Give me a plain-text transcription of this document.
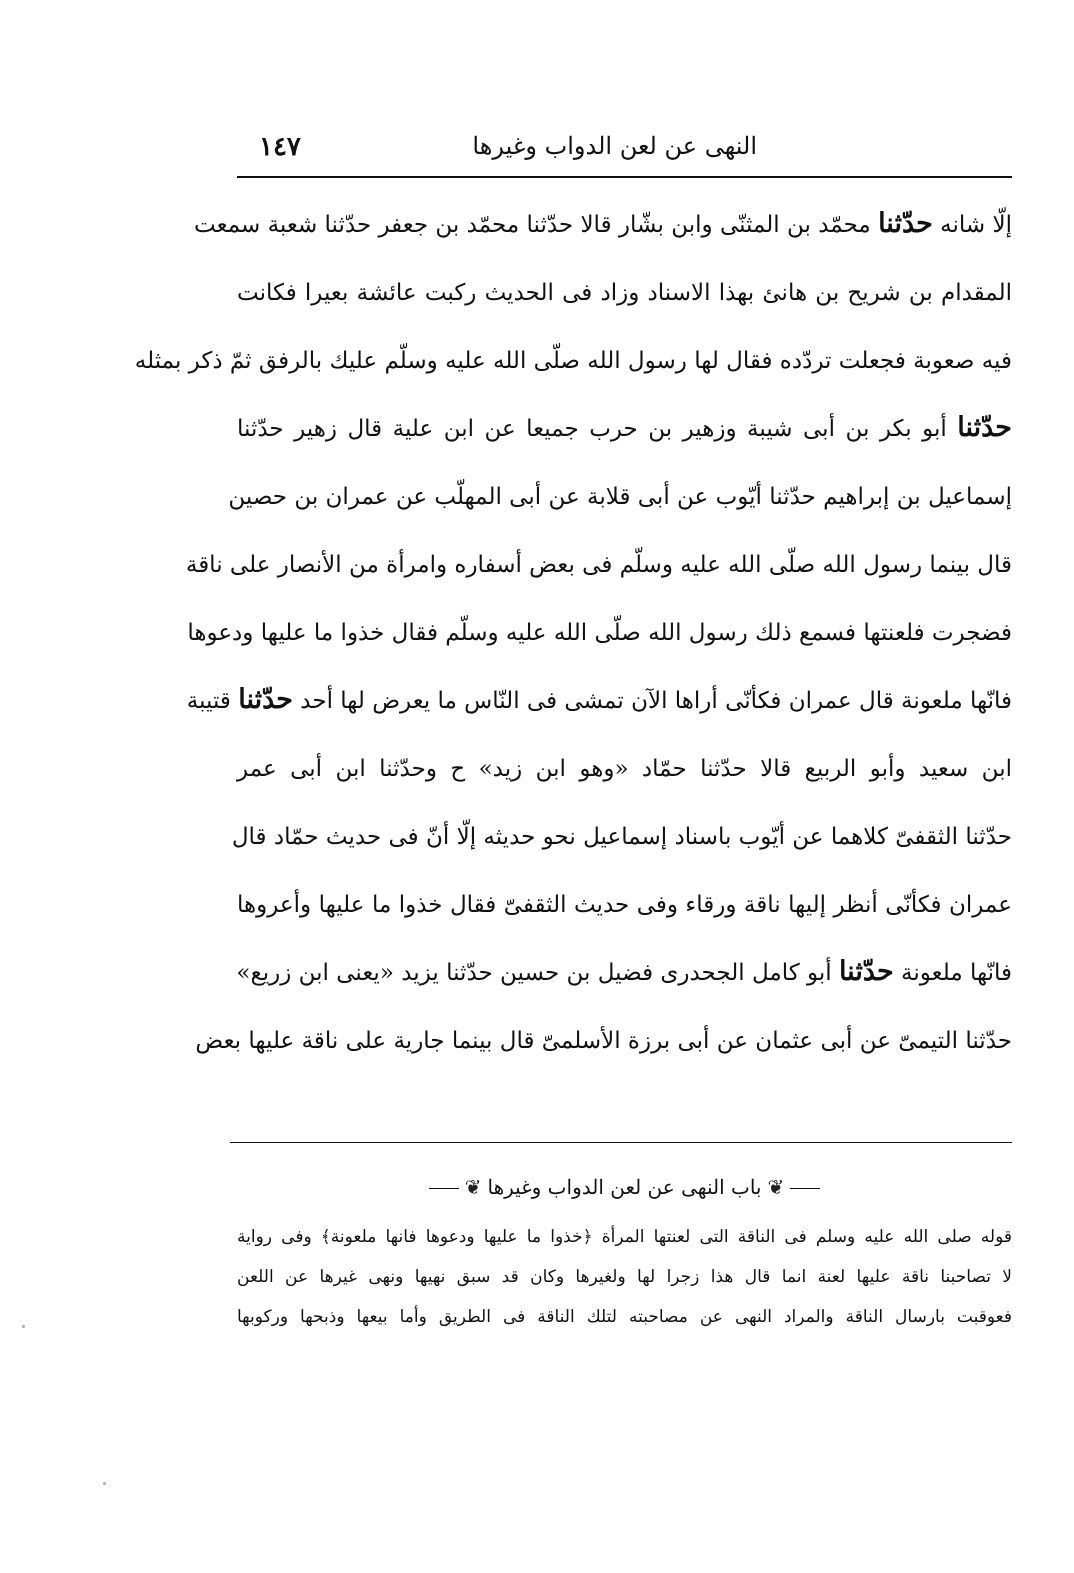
النهى عن لعن الدواب وغيرها
١٤٧
إلّا شانه حدّثنا محمّد بن المثنّى وابن بشّار قالا حدّثنا محمّد بن جعفر حدّثنا شعبة سمعت
المقدام بن شريح بن هانئ بهذا الاسناد وزاد فى الحديث ركبت عائشة بعيرا فكانت
فيه صعوبة فجعلت تردّده فقال لها رسول الله صلّى الله عليه وسلّم عليك بالرفق ثمّ ذكر بمثله
حدّثنا أبو بكر بن أبى شيبة وزهير بن حرب جميعا عن ابن علية قال زهير حدّثنا
إسماعيل بن إبراهيم حدّثنا أيّوب عن أبى قلابة عن أبى المهلّب عن عمران بن حصين
قال بينما رسول الله صلّى الله عليه وسلّم فى بعض أسفاره وامرأة من الأنصار على ناقة
فضجرت فلعنتها فسمع ذلك رسول الله صلّى الله عليه وسلّم فقال خذوا ما عليها ودعوها
فانّها ملعونة قال عمران فكأنّى أراها الآن تمشى فى النّاس ما يعرض لها أحد حدّثنا قتيبة
ابن سعيد وأبو الربيع قالا حدّثنا حمّاد «وهو ابن زيد» ح وحدّثنا ابن أبى عمر
حدّثنا الثقفىّ كلاهما عن أيّوب باسناد إسماعيل نحو حديثه إلّا أنّ فى حديث حمّاد قال
عمران فكأنّى أنظر إليها ناقة ورقاء وفى حديث الثقفىّ فقال خذوا ما عليها وأعروها
فانّها ملعونة حدّثنا أبو كامل الجحدرى فضيل بن حسين حدّثنا يزيد «يعنى ابن زريع»
حدّثنا التيمىّ عن أبى عثمان عن أبى برزة الأسلمىّ قال بينما جارية على ناقة عليها بعض
❦باب النهى عن لعن الدواب وغيرها❦
قوله صلى الله عليه وسلم فى الناقة التى لعنتها المرأة ﴿خذوا ما عليها ودعوها فانها ملعونة﴾ وفى رواية
لا تصاحبنا ناقة عليها لعنة انما قال هذا زجرا لها ولغيرها وكان قد سبق نهيها ونهى غيرها عن اللعن
فعوقبت بارسال الناقة والمراد النهى عن مصاحبته لتلك الناقة فى الطريق وأما بيعها وذبحها وركوبها
